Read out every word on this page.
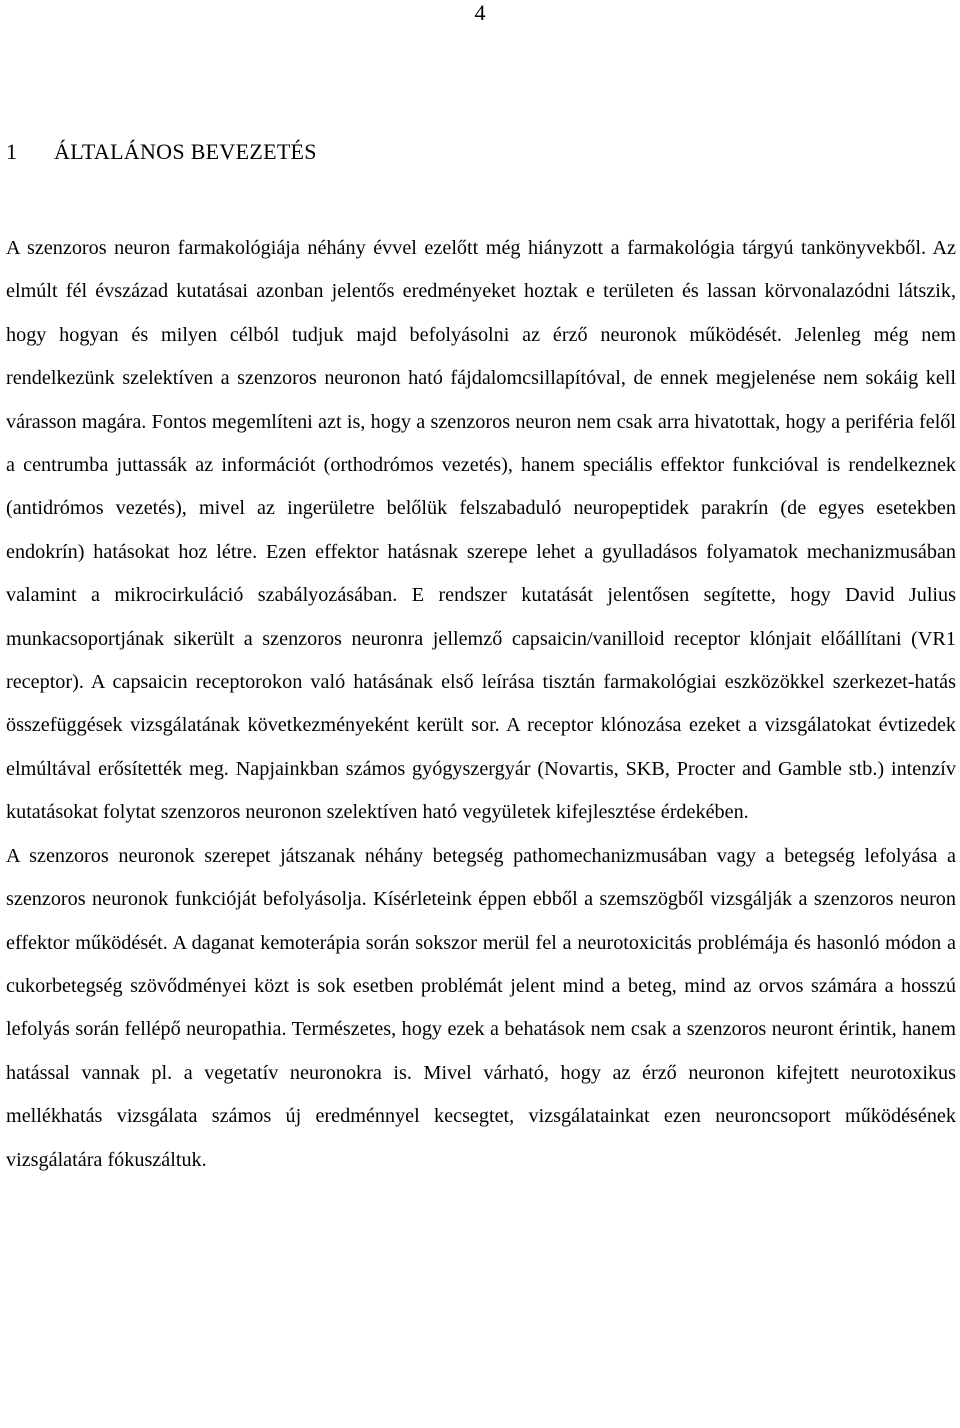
4
1 ÁLTALÁNOS BEVEZETÉS

A szenzoros neuron farmakológiája néhány évvel ezelőtt még hiányzott a farmakológia tárgyú tankönyvekből. Az elmúlt fél évszázad kutatásai azonban jelentős eredményeket hoztak e területen és lassan körvonalazódni látszik, hogy hogyan és milyen célból tudjuk majd befolyásolni az érző neuronok működését. Jelenleg még nem rendelkezünk szelektíven a szenzoros neuronon ható fájdalomcsillapítóval, de ennek megjelenése nem sokáig kell várasson magára. Fontos megemlíteni azt is, hogy a szenzoros neuron nem csak arra hivatottak, hogy a periféria felől a centrumba juttassák az információt (orthodrómos vezetés), hanem speciális effektor funkcióval is rendelkeznek (antidrómos vezetés), mivel az ingerületre belőlük felszabaduló neuropeptidek parakrín (de egyes esetekben endokrín) hatásokat hoz létre. Ezen effektor hatásnak szerepe lehet a gyulladásos folyamatok mechanizmusában valamint a mikrocirkuláció szabályozásában. E rendszer kutatását jelentősen segítette, hogy David Julius munkacsoportjának sikerült a szenzoros neuronra jellemző capsaicin/vanilloid receptor klónjait előállítani (VR1 receptor). A capsaicin receptorokon való hatásának első leírása tisztán farmakológiai eszközökkel szerkezet-hatás összefüggések vizsgálatának következményeként került sor. A receptor klónozása ezeket a vizsgálatokat évtizedek elmúltával erősítették meg. Napjainkban számos gyógyszergyár (Novartis, SKB, Procter and Gamble stb.) intenzív kutatásokat folytat szenzoros neuronon szelektíven ható vegyületek kifejlesztése érdekében.

A szenzoros neuronok szerepet játszanak néhány betegség pathomechanizmusában vagy a betegség lefolyása a szenzoros neuronok funkcióját befolyásolja. Kísérleteink éppen ebből a szemszögből vizsgálják a szenzoros neuron effektor működését. A daganat kemoterápia során sokszor merül fel a neurotoxicitás problémája és hasonló módon a cukorbetegség szövődményei közt is sok esetben problémát jelent mind a beteg, mind az orvos számára a hosszú lefolyás során fellépő neuropathia. Természetes, hogy ezek a behatások nem csak a szenzoros neuront érintik, hanem hatással vannak pl. a vegetatív neuronokra is. Mivel várható, hogy az érző neuronon kifejtett neurotoxikus mellékhatás vizsgálata számos új eredménnyel kecsegtet, vizsgálatainkat ezen neuroncsoport működésének vizsgálatára fókuszáltuk.
